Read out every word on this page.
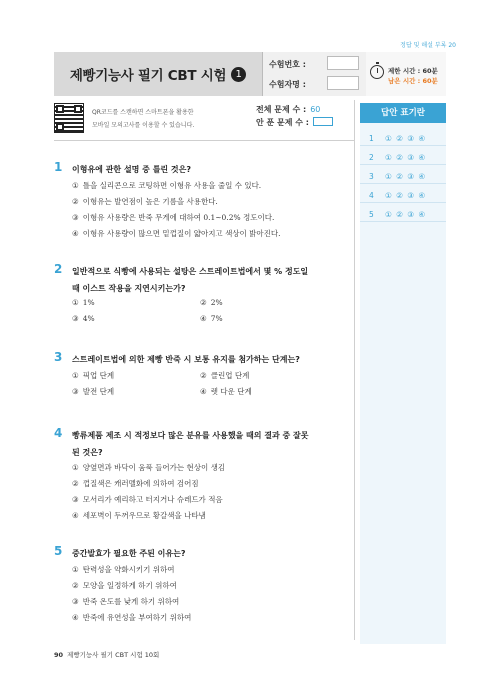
정답 및 해설 부록 20
제빵기능사 필기 CBT 시험 1
수험번호 :
수험자명 :
제한 시간 : 60분
남은 시간 : 60분
QR코드를 스캔하면 스마트폰을 활용한
모바일 모의고사를 이용할 수 있습니다.
전체 문제 수 : 60
안 푼 문제 수 :
답안 표기란
1 ① ② ③ ④
2 ① ② ③ ④
3 ① ② ③ ④
4 ① ② ③ ④
5 ① ② ③ ④
1 이형유에 관한 설명 중 틀린 것은?
① 틀을 실리콘으로 코팅하면 이형유 사용을 줄일 수 있다.
② 이형유는 발연점이 높은 기름을 사용한다.
③ 이형유 사용량은 반죽 무게에 대하여 0.1~0.2% 정도이다.
④ 이형유 사용량이 많으면 밑껍질이 얇아지고 색상이 밝아진다.
2 일반적으로 식빵에 사용되는 설탕은 스트레이트법에서 몇 % 정도일
때 이스트 작용을 지연시키는가?
① 1%	② 2%
③ 4%	④ 7%
3 스트레이트법에 의한 제빵 반죽 시 보통 유지를 첨가하는 단계는?
① 픽업 단계	② 클린업 단계
③ 발전 단계	④ 렛 다운 단계
4 빵류제품 제조 시 적정보다 많은 분유를 사용했을 때의 결과 중 잘못
된 것은?
① 양옆면과 바닥이 움푹 들어가는 현상이 생김
② 껍질색은 캐러멜화에 의하여 검어짐
③ 모서리가 예리하고 터지거나 슈레드가 적음
④ 세포벽이 두꺼우므로 황갈색을 나타냄
5 중간발효가 필요한 주된 이유는?
① 탄력성을 약화시키기 위하여
② 모양을 일정하게 하기 위하여
③ 반죽 온도를 낮게 하기 위하여
④ 반죽에 유연성을 부여하기 위하여
90 제빵기능사 필기 CBT 시험 10회
